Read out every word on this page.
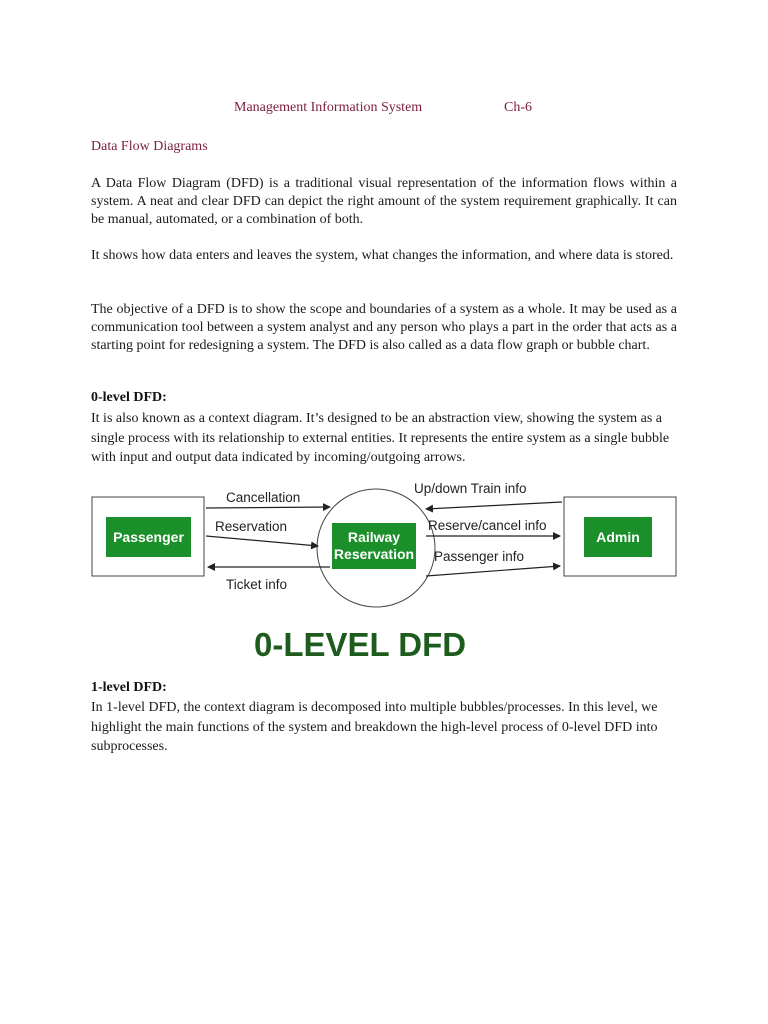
Management Information System	Ch-6
Data Flow Diagrams
A Data Flow Diagram (DFD) is a traditional visual representation of the information flows within a system. A neat and clear DFD can depict the right amount of the system requirement graphically. It can be manual, automated, or a combination of both.
It shows how data enters and leaves the system, what changes the information, and where data is stored.
The objective of a DFD is to show the scope and boundaries of a system as a whole. It may be used as a communication tool between a system analyst and any person who plays a part in the order that acts as a starting point for redesigning a system. The DFD is also called as a data flow graph or bubble chart.
0-level DFD:
It is also known as a context diagram. It’s designed to be an abstraction view, showing the system as a single process with its relationship to external entities. It represents the entire system as a single bubble with input and output data indicated by incoming/outgoing arrows.
Passenger	Admin
Railway
Reservation
Cancellation
Reservation
Ticket info
Up/down Train info
Reserve/cancel info
Passenger info
0-LEVEL DFD
1-level DFD:
In 1-level DFD, the context diagram is decomposed into multiple bubbles/processes. In this level, we highlight the main functions of the system and breakdown the high-level process of 0-level DFD into subprocesses.
